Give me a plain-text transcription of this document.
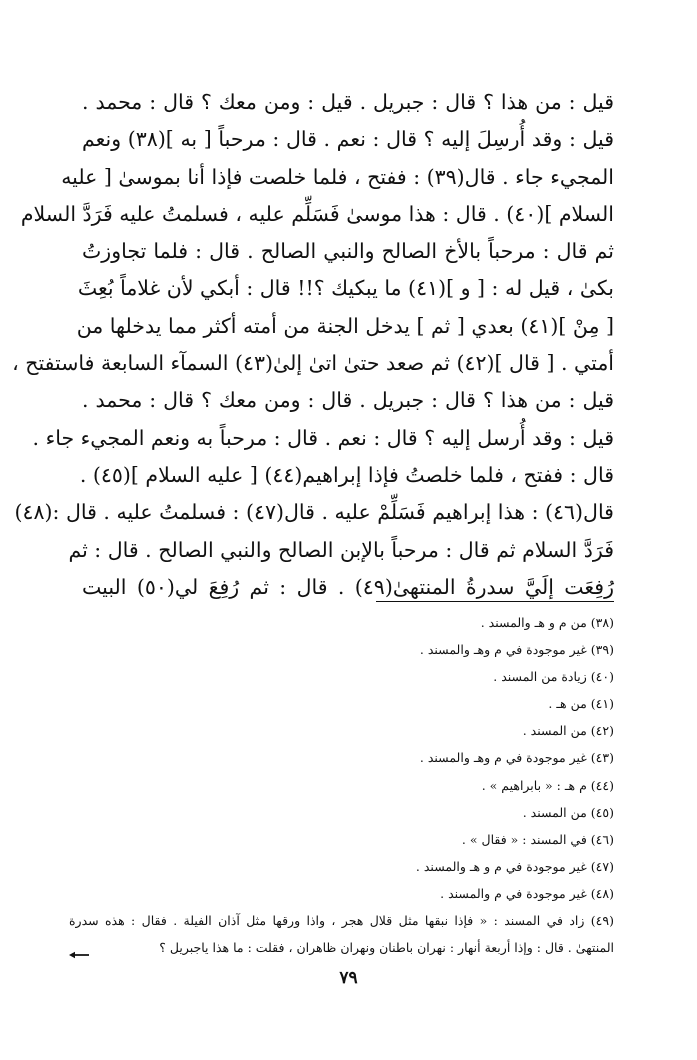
قيل : من هذا ؟ قال : جبريل . قيل : ومن معك ؟ قال : محمد .
قيل : وقد أُرسِلَ إليه ؟ قال : نعم . قال : مرحباً [ به ](٣٨) ونعم
المجيء جاء . قال(٣٩) : ففتح ، فلما خلصت فإذا أنا بموسىٰ [ عليه
السلام ](٤٠) . قال : هذا موسىٰ فَسَلِّم عليه ، فسلمتُ عليه فَرَدَّ السلام
ثم قال : مرحباً بالأخ الصالح والنبي الصالح . قال : فلما تجاوزتُ
بكىٰ ، قيل له : [ و ](٤١) ما يبكيك ؟!! قال : أبكي لأن غلاماً بُعِثَ
[ مِنْ ](٤١) بعدي [ ثم ] يدخل الجنة من أمته أكثر مما يدخلها من
أمتي . [ قال ](٤٢) ثم صعد حتىٰ اتىٰ إلىٰ(٤٣) السمآء السابعة فاستفتح ،
قيل : من هذا ؟ قال : جبريل . قال : ومن معك ؟ قال : محمد .
قيل : وقد أُرسل إليه ؟ قال : نعم . قال : مرحباً به ونعم المجيء جاء .
قال : ففتح ، فلما خلصتُ فإذا إبراهيم(٤٤) [ عليه السلام ](٤٥) .
قال(٤٦) : هذا إبراهيم فَسَلِّمْ عليه . قال(٤٧) : فسلمتُ عليه . قال :(٤٨)
فَرَدَّ السلام ثم قال : مرحباً بالإبن الصالح والنبي الصالح . قال : ثم
رُفِعَت إلَيَّ سدرةُ المنتهىٰ(٤٩) . قال : ثم رُفِعَ لي(٥٠) البيت
(٣٨) من م و هـ والمسند .
(٣٩) غير موجودة في م وهـ والمسند .
(٤٠) زيادة من المسند .
(٤١) من هـ .
(٤٢) من المسند .
(٤٣) غير موجودة في م وهـ والمسند .
(٤٤) م هـ : « بابراهيم » .
(٤٥) من المسند .
(٤٦) في المسند : « فقال » .
(٤٧) غير موجودة في م و هـ والمسند .
(٤٨) غير موجودة في م والمسند .
(٤٩) زاد في المسند : « فإذا نبقها مثل قلال هجر ، واذا ورقها مثل آذان الفيلة . فقال : هذه سدرة
المنتهىٰ . قال : وإذا أربعة أنهار : نهران باطنان ونهران ظاهران ، فقلت : ما هذا ياجبريل ؟
٧٩
